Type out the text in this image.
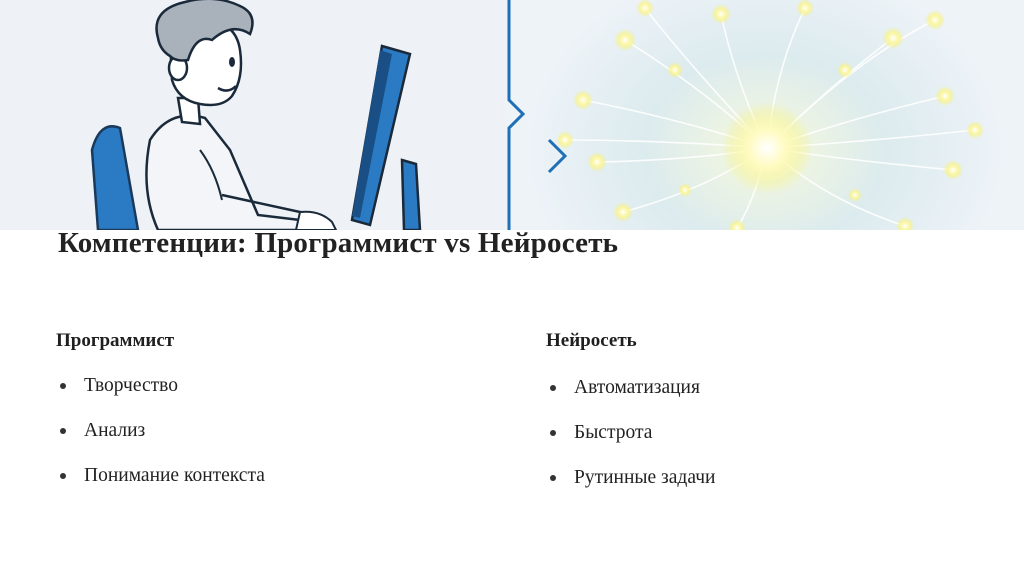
Компетенции: Программист vs Нейросеть
Программист
Творчество
Анализ
Понимание контекста
Нейросеть
Автоматизация
Быстрота
Рутинные задачи
